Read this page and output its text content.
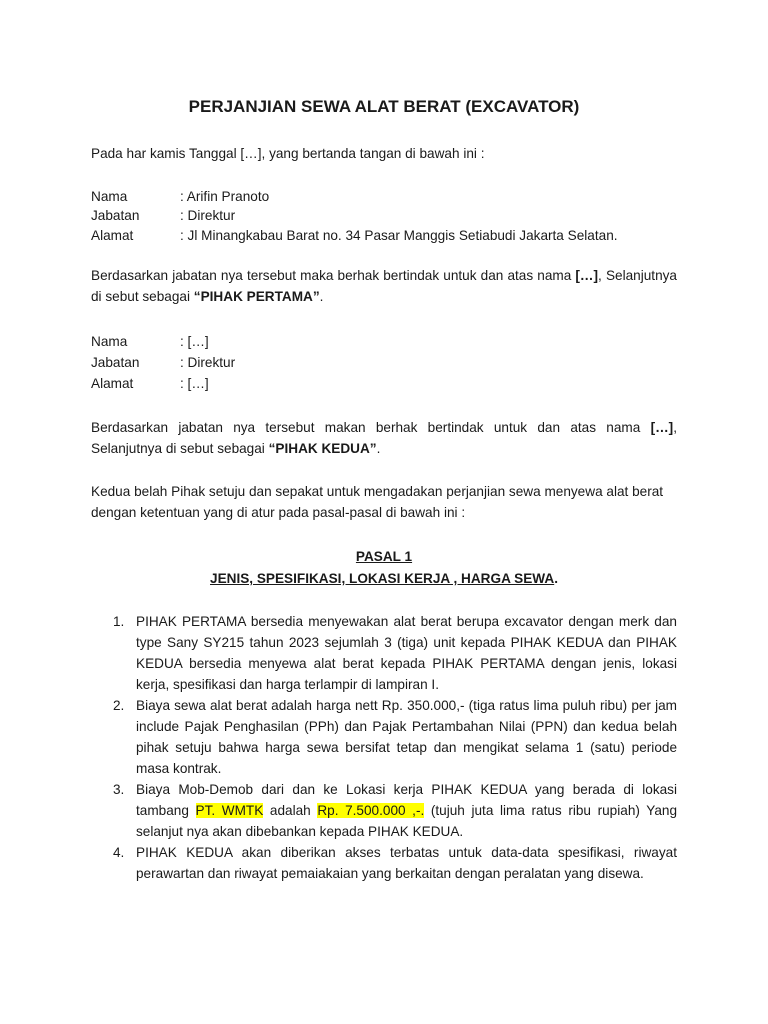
PERJANJIAN SEWA ALAT BERAT (EXCAVATOR)
Pada har kamis Tanggal […], yang bertanda tangan di bawah ini :
Nama	: Arifin Pranoto
Jabatan	: Direktur
Alamat	: Jl Minangkabau Barat no. 34 Pasar Manggis Setiabudi Jakarta Selatan.
Berdasarkan jabatan nya tersebut maka berhak bertindak untuk dan atas nama […], Selanjutnya di sebut sebagai “PIHAK PERTAMA”.
Nama	: […]
Jabatan	: Direktur
Alamat	: […]
Berdasarkan jabatan nya tersebut makan berhak bertindak untuk dan atas nama […], Selanjutnya di sebut sebagai “PIHAK KEDUA”.
Kedua belah Pihak setuju dan sepakat untuk mengadakan perjanjian sewa menyewa alat berat dengan ketentuan yang di atur pada pasal-pasal di bawah ini :
PASAL 1
JENIS, SPESIFIKASI, LOKASI KERJA , HARGA SEWA.
1. PIHAK PERTAMA bersedia menyewakan alat berat berupa excavator dengan merk dan type Sany SY215 tahun 2023 sejumlah 3 (tiga) unit kepada PIHAK KEDUA dan PIHAK KEDUA bersedia menyewa alat berat kepada PIHAK PERTAMA dengan jenis, lokasi kerja, spesifikasi dan harga terlampir di lampiran I.
2. Biaya sewa alat berat adalah harga nett Rp. 350.000,- (tiga ratus lima puluh ribu) per jam include Pajak Penghasilan (PPh) dan Pajak Pertambahan Nilai (PPN) dan kedua belah pihak setuju bahwa harga sewa bersifat tetap dan mengikat selama 1 (satu) periode masa kontrak.
3. Biaya Mob-Demob dari dan ke Lokasi kerja PIHAK KEDUA yang berada di lokasi tambang PT. WMTK adalah Rp. 7.500.000 ,-. (tujuh juta lima ratus ribu rupiah) Yang selanjut nya akan dibebankan kepada PIHAK KEDUA.
4. PIHAK KEDUA akan diberikan akses terbatas untuk data-data spesifikasi, riwayat perawartan dan riwayat pemaiakaian yang berkaitan dengan peralatan yang disewa.
